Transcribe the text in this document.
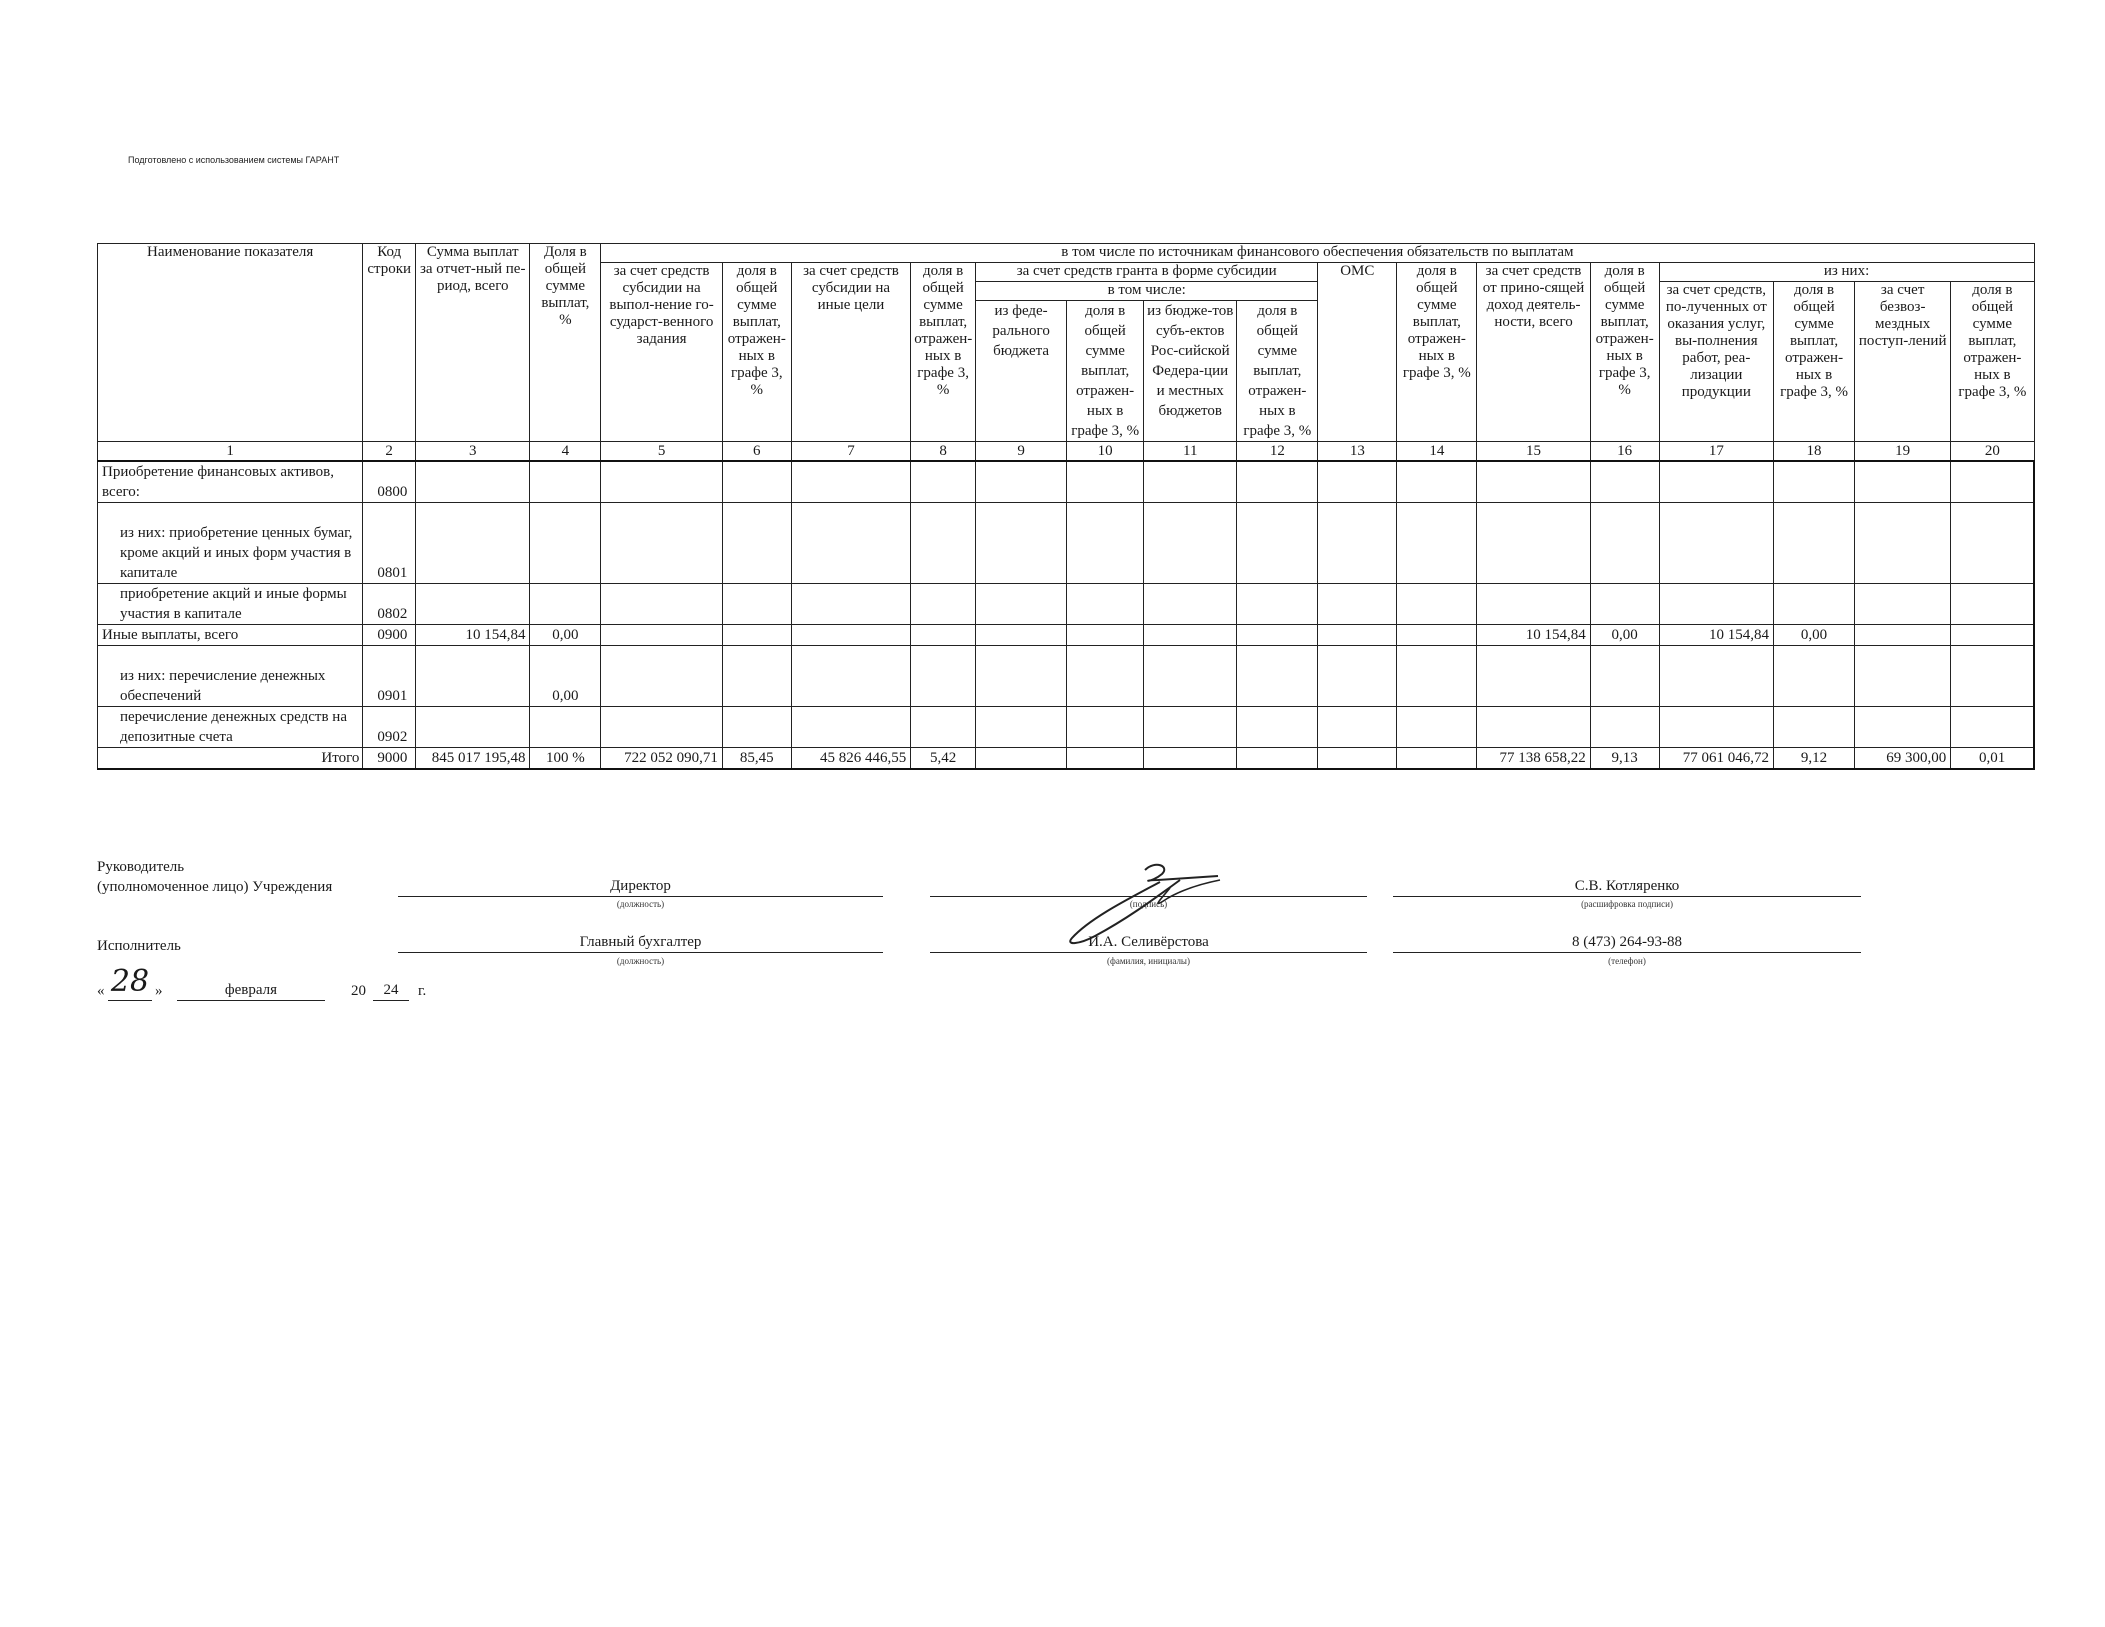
Подготовлено с использованием системы ГАРАНТ
Наименование показателя	Код строки	Сумма выплат за отчет-ный пе-риод, всего	Доля в общей сумме выплат, %	в том числе по источникам финансового обеспечения обязательств по выплатам															
				за счет средств субсидии на выпол-нение го-сударст-венного задания	доля в общей сумме выплат, отражен-ных в графе 3, %	за счет средств субсидии на иные цели	доля в общей сумме выплат, отражен-ных в графе 3, %	за счет средств гранта в форме субсидии				ОМС	доля в общей сумме выплат, отражен-ных в графе 3, %	за счет средств от прино-сящей доход деятель-ности, всего	доля в общей сумме выплат, отражен-ных в графе 3, %	из них:			
								в том числе:								за счет средств, по-лученных от оказания услуг, вы-полнения работ, реа-лизации продукции	доля в общей сумме выплат, отражен-ных в графе 3, %	за счет безвоз-мездных поступ-лений	доля в общей сумме выплат, отражен-ных в графе 3, %
								из феде-рального бюджета	доля в общей сумме выплат, отражен-ных в графе 3, %	из бюдже-тов субъ-ектов Рос-сийской Федера-ции и местных бюджетов	доля в общей сумме выплат, отражен-ных в графе 3, %								
1	2	3	4	5	6	7	8	9	10	11	12	13	14	15	16	17	18	19	20
Приобретение финансовых активов, всего:	0800																		
из них: приобретение ценных бумаг, кроме акций и иных форм участия в капитале	0801																		
приобретение акций и иные формы участия в капитале	0802																		
Иные выплаты, всего	0900	10 154,84	0,00											10 154,84	0,00	10 154,84	0,00		
из них: перечисление денежных обеспечений	0901		0,00																
перечисление денежных средств на депозитные счета	0902																		
Итого	9000	845 017 195,48	100 %	722 052 090,71	85,45	45 826 446,55	5,42							77 138 658,22	9,13	77 061 046,72	9,12	69 300,00	0,01
Руководитель
(уполномоченное лицо) Учреждения	Директор
(должность)	(подпись)
С.В. Котляренко
(расшифровка подписи)
Исполнитель	Главный бухгалтер
(должность)
И.А. Селивёрстова
(фамилия, инициалы)
8 (473) 264-93-88
(телефон)
« 28 »	февраля	20	24	г.
